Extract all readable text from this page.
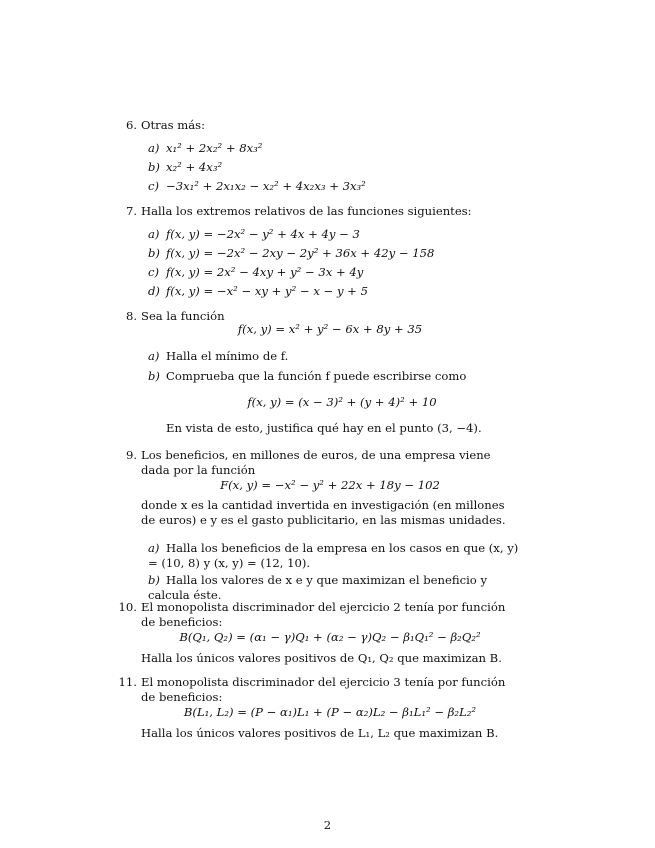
6. Otras más:
a) x₁² + 2x₂² + 8x₃²
b) x₂² + 4x₃²
c) −3x₁² + 2x₁x₂ − x₂² + 4x₂x₃ + 3x₃²
7. Halla los extremos relativos de las funciones siguientes:
a) f(x, y) = −2x² − y² + 4x + 4y − 3
b) f(x, y) = −2x² − 2xy − 2y² + 36x + 42y − 158
c) f(x, y) = 2x² − 4xy + y² − 3x + 4y
d) f(x, y) = −x² − xy + y² − x − y + 5
8. Sea la función
f(x, y) = x² + y² − 6x + 8y + 35
a) Halla el mínimo de f.
b) Comprueba que la función f puede escribirse como
f(x, y) = (x − 3)² + (y + 4)² + 10
En vista de esto, justifica qué hay en el punto (3, −4).
9. Los beneficios, en millones de euros, de una empresa viene dada por la función
F(x, y) = −x² − y² + 22x + 18y − 102
donde x es la cantidad invertida en investigación (en millones de euros) e y es el gasto publicitario, en las mismas unidades.
a) Halla los beneficios de la empresa en los casos en que (x, y) = (10, 8) y (x, y) = (12, 10).
b) Halla los valores de x e y que maximizan el beneficio y calcula éste.
10. El monopolista discriminador del ejercicio 2 tenía por función de beneficios:
B(Q₁, Q₂) = (α₁ − γ)Q₁ + (α₂ − γ)Q₂ − β₁Q₁² − β₂Q₂²
Halla los únicos valores positivos de Q₁, Q₂ que maximizan B.
11. El monopolista discriminador del ejercicio 3 tenía por función de beneficios:
B(L₁, L₂) = (P − α₁)L₁ + (P − α₂)L₂ − β₁L₁² − β₂L₂²
Halla los únicos valores positivos de L₁, L₂ que maximizan B.
2
